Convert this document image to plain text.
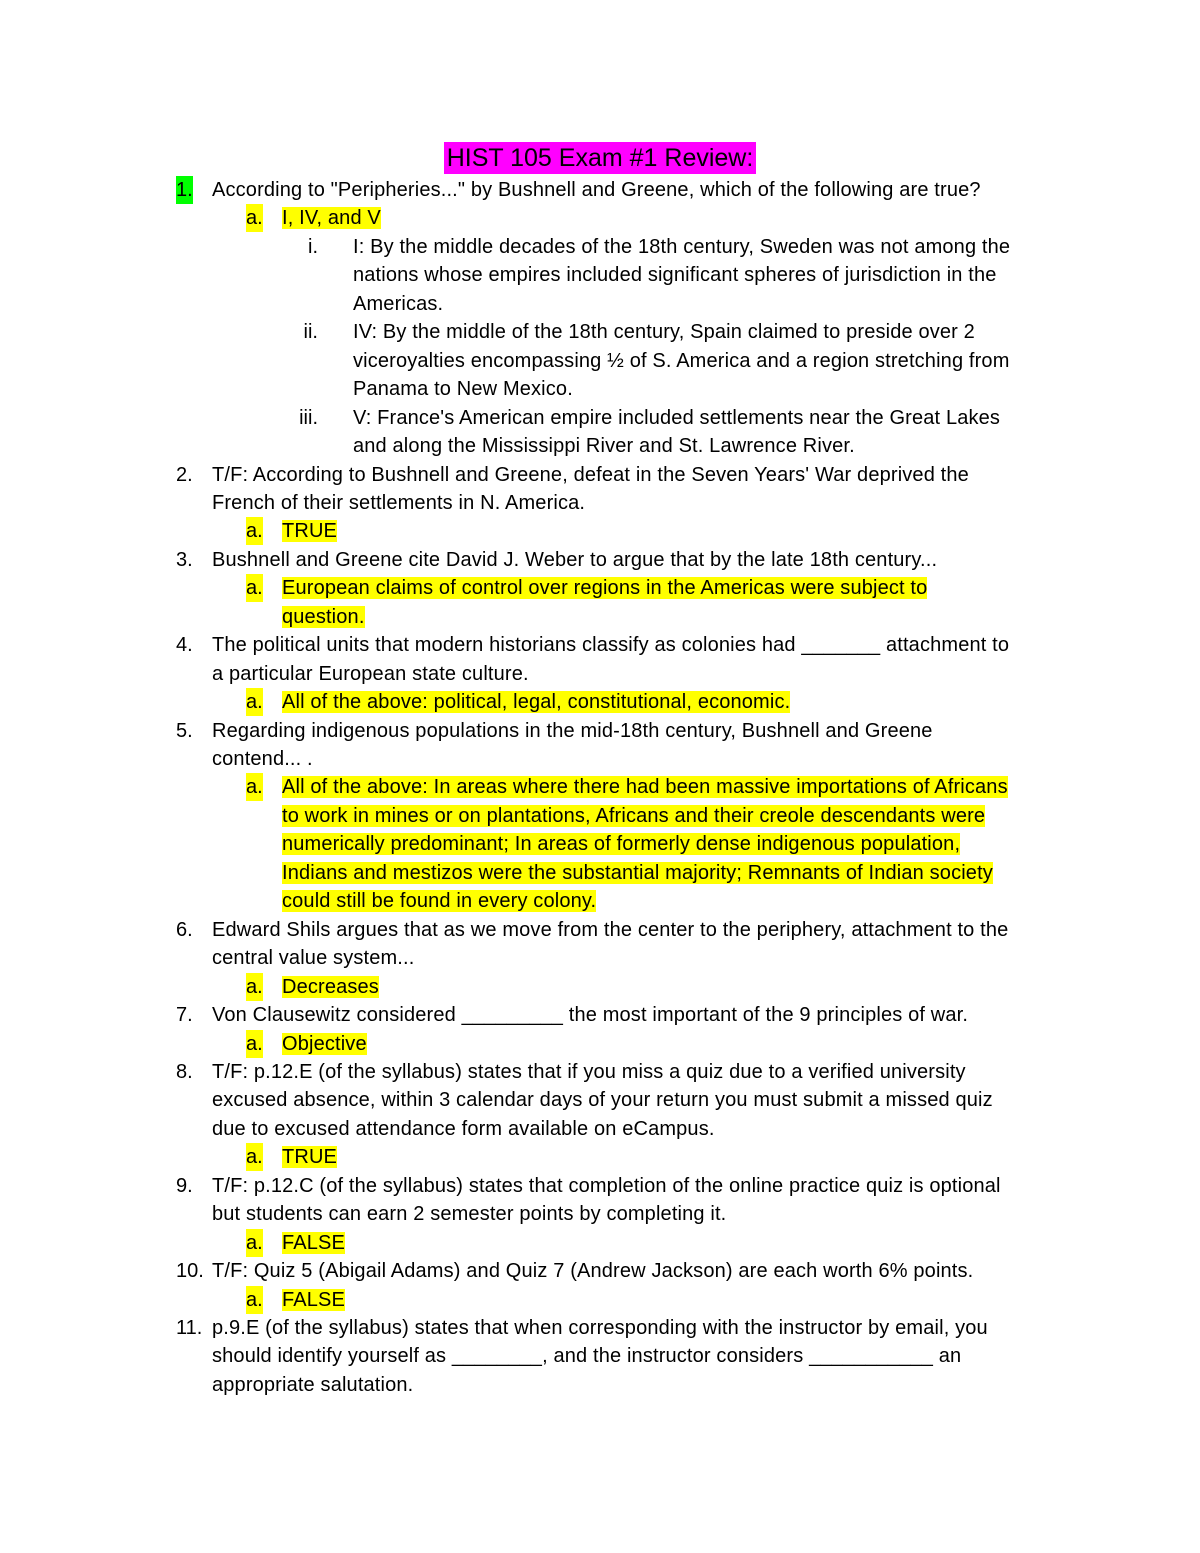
HIST 105 Exam #1 Review:
1. According to "Peripheries..." by Bushnell and Greene, which of the following are true?
a. I, IV, and V
i. I: By the middle decades of the 18th century, Sweden was not among the
nations whose empires included significant spheres of jurisdiction in the
Americas.
ii. IV: By the middle of the 18th century, Spain claimed to preside over 2
viceroyalties encompassing ½ of S. America and a region stretching from
Panama to New Mexico.
iii. V: France's American empire included settlements near the Great Lakes
and along the Mississippi River and St. Lawrence River.
2. T/F: According to Bushnell and Greene, defeat in the Seven Years' War deprived the
French of their settlements in N. America.
a. TRUE
3. Bushnell and Greene cite David J. Weber to argue that by the late 18th century...
a. European claims of control over regions in the Americas were subject to
question.
4. The political units that modern historians classify as colonies had _______ attachment to
a particular European state culture.
a. All of the above: political, legal, constitutional, economic.
5. Regarding indigenous populations in the mid-18th century, Bushnell and Greene
contend... .
a. All of the above: In areas where there had been massive importations of Africans
to work in mines or on plantations, Africans and their creole descendants were
numerically predominant; In areas of formerly dense indigenous population,
Indians and mestizos were the substantial majority; Remnants of Indian society
could still be found in every colony.
6. Edward Shils argues that as we move from the center to the periphery, attachment to the
central value system...
a. Decreases
7. Von Clausewitz considered _________ the most important of the 9 principles of war.
a. Objective
8. T/F: p.12.E (of the syllabus) states that if you miss a quiz due to a verified university
excused absence, within 3 calendar days of your return you must submit a missed quiz
due to excused attendance form available on eCampus.
a. TRUE
9. T/F: p.12.C (of the syllabus) states that completion of the online practice quiz is optional
but students can earn 2 semester points by completing it.
a. FALSE
10. T/F: Quiz 5 (Abigail Adams) and Quiz 7 (Andrew Jackson) are each worth 6% points.
a. FALSE
11. p.9.E (of the syllabus) states that when corresponding with the instructor by email, you
should identify yourself as ________, and the instructor considers ___________ an
appropriate salutation.
